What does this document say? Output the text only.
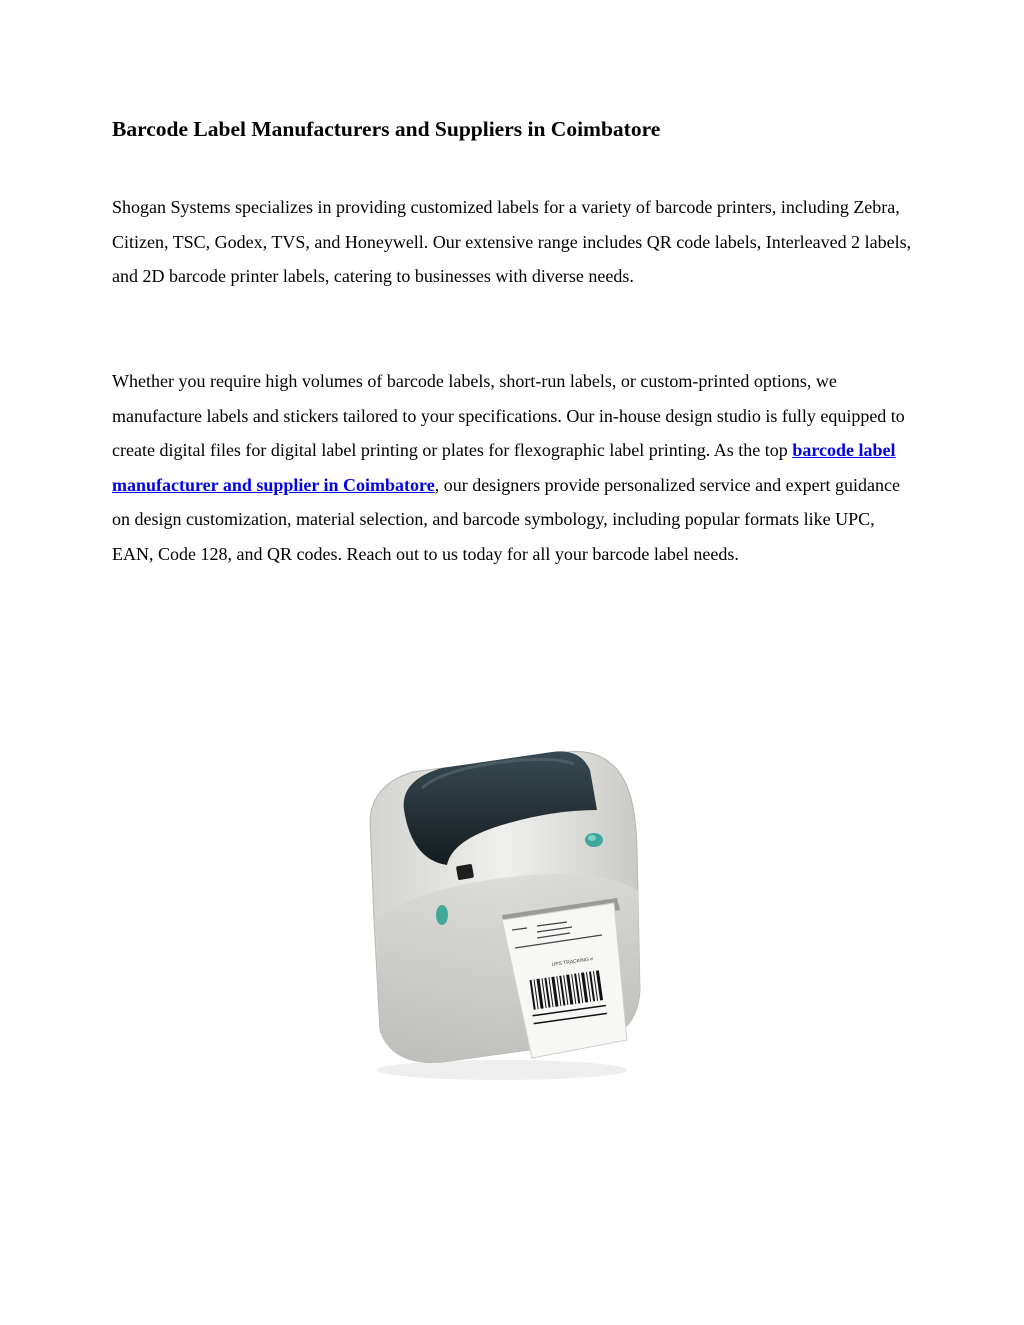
Barcode Label Manufacturers and Suppliers in Coimbatore

Shogan Systems specializes in providing customized labels for a variety of barcode printers, including Zebra, Citizen, TSC, Godex, TVS, and Honeywell. Our extensive range includes QR code labels, Interleaved 2 labels, and 2D barcode printer labels, catering to businesses with diverse needs.

Whether you require high volumes of barcode labels, short-run labels, or custom-printed options, we manufacture labels and stickers tailored to your specifications. Our in-house design studio is fully equipped to create digital files for digital label printing or plates for flexographic label printing. As the top barcode label manufacturer and supplier in Coimbatore, our designers provide personalized service and expert guidance on design customization, material selection, and barcode symbology, including popular formats like UPC, EAN, Code 128, and QR codes. Reach out to us today for all your barcode label needs.

UPS TRACKING #
